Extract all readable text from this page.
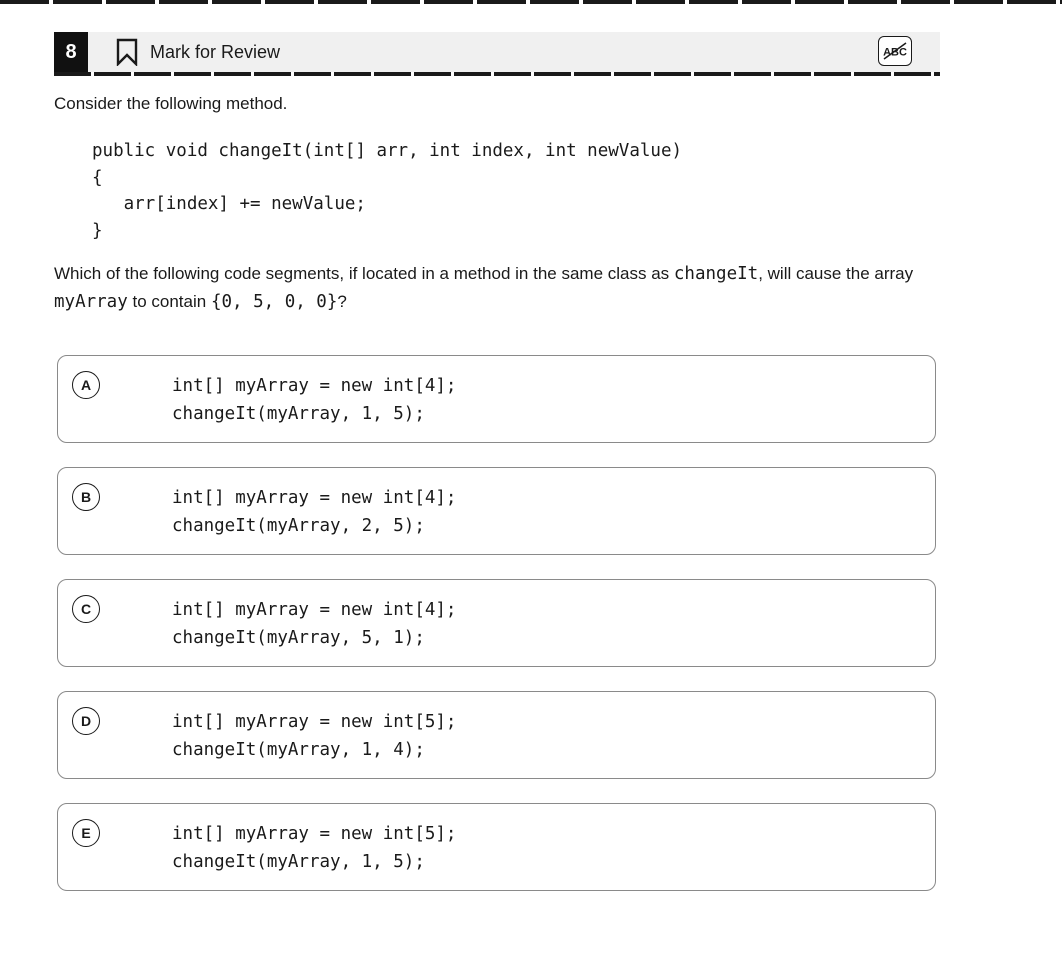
8	Mark for Review	ABC
Consider the following method.
public void changeIt(int[] arr, int index, int newValue)
{
arr[index] += newValue;
}
Which of the following code segments, if located in a method in the same class as changeIt, will cause the array myArray to contain {0, 5, 0, 0}?
A	int[] myArray = new int[4];
changeIt(myArray, 1, 5);
B	int[] myArray = new int[4];
changeIt(myArray, 2, 5);
C	int[] myArray = new int[4];
changeIt(myArray, 5, 1);
D	int[] myArray = new int[5];
changeIt(myArray, 1, 4);
E	int[] myArray = new int[5];
changeIt(myArray, 1, 5);
